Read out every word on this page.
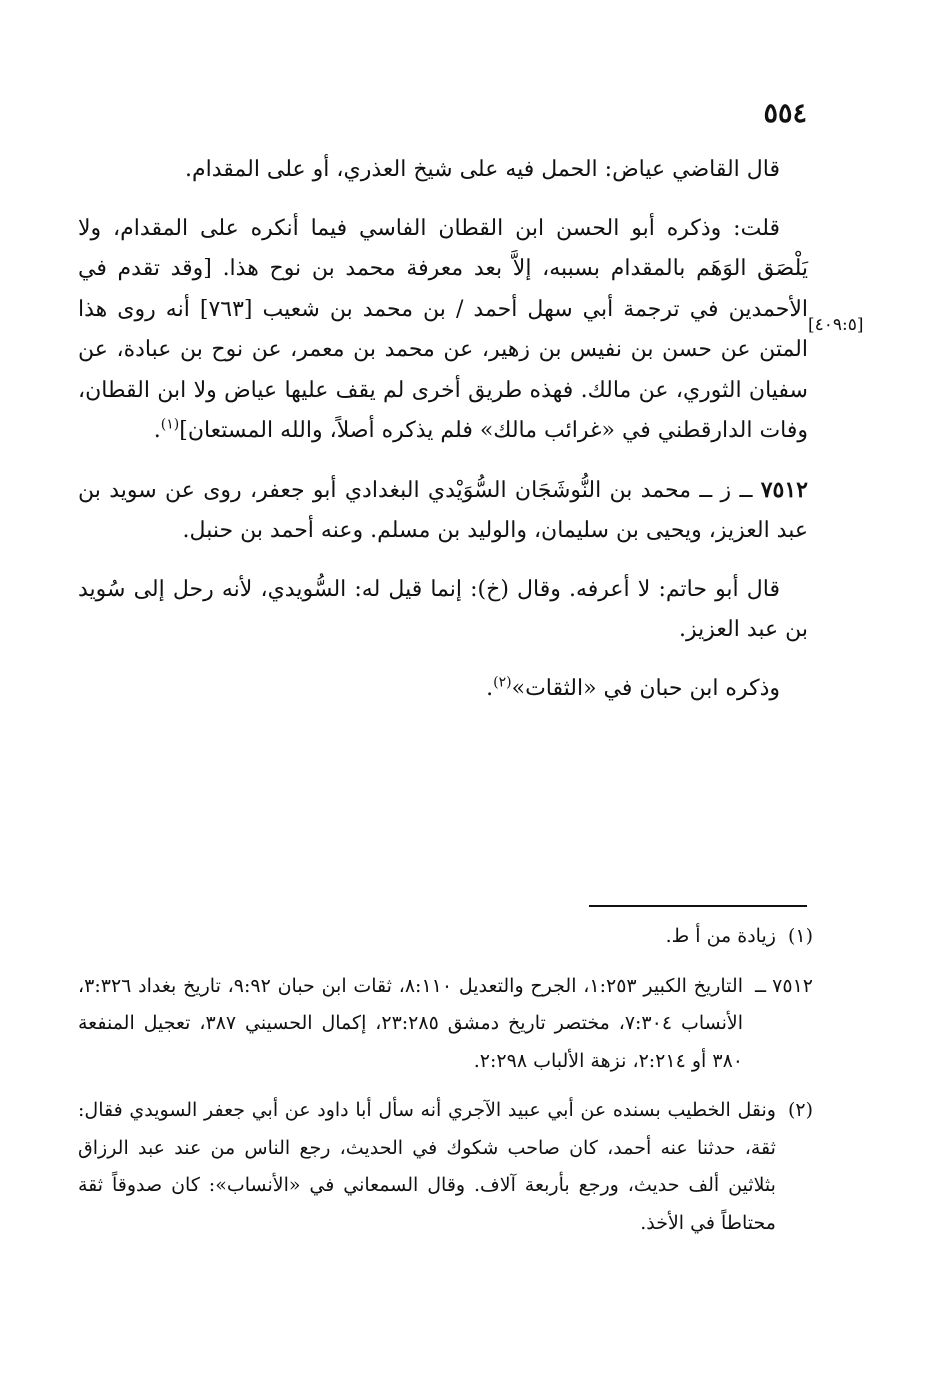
٥٥٤
[٤٠٩:٥]

قال القاضي عياض: الحمل فيه على شيخ العذري، أو على المقدام.

قلت: وذكره أبو الحسن ابن القطان الفاسي فيما أنكره على المقدام، ولا يَلْصَق الوَهَم بالمقدام بسببه، إلاَّ بعد معرفة محمد بن نوح هذا. [وقد تقدم في الأحمدين في ترجمة أبي سهل أحمد / بن محمد بن شعيب [٧٦٣] أنه روى هذا المتن عن حسن بن نفيس بن زهير، عن محمد بن معمر، عن نوح بن عبادة، عن سفيان الثوري، عن مالك. فهذه طريق أخرى لم يقف عليها عياض ولا ابن القطان، وفات الدارقطني في «غرائب مالك» فلم يذكره أصلاً، والله المستعان]$^{(١)}$.

٧٥١٢ ــ ز ــ محمد بن النُّوشَجَان السُّوَيْدي البغدادي أبو جعفر، روى عن سويد بن عبد العزيز، ويحيى بن سليمان، والوليد بن مسلم. وعنه أحمد بن حنبل.

قال أبو حاتم: لا أعرفه. وقال (خ): إنما قيل له: السُّويدي، لأنه رحل إلى سُويد بن عبد العزيز.

وذكره ابن حبان في «الثقات»$^{(٢)}$.

(١)
زيادة من أ ط.
٧٥١٢ ــ
التاريخ الكبير ١:٢٥٣، الجرح والتعديل ٨:١١٠، ثقات ابن حبان ٩:٩٢، تاريخ بغداد ٣:٣٢٦، الأنساب ٧:٣٠٤، مختصر تاريخ دمشق ٢٣:٢٨٥، إكمال الحسيني ٣٨٧، تعجيل المنفعة ٣٨٠ أو ٢:٢١٤، نزهة الألباب ٢:٢٩٨.
(٢)
ونقل الخطيب بسنده عن أبي عبيد الآجري أنه سأل أبا داود عن أبي جعفر السويدي فقال: ثقة، حدثنا عنه أحمد، كان صاحب شكوك في الحديث، رجع الناس من عند عبد الرزاق بثلاثين ألف حديث، ورجع بأربعة آلاف. وقال السمعاني في «الأنساب»: كان صدوقاً ثقة محتاطاً في الأخذ.
